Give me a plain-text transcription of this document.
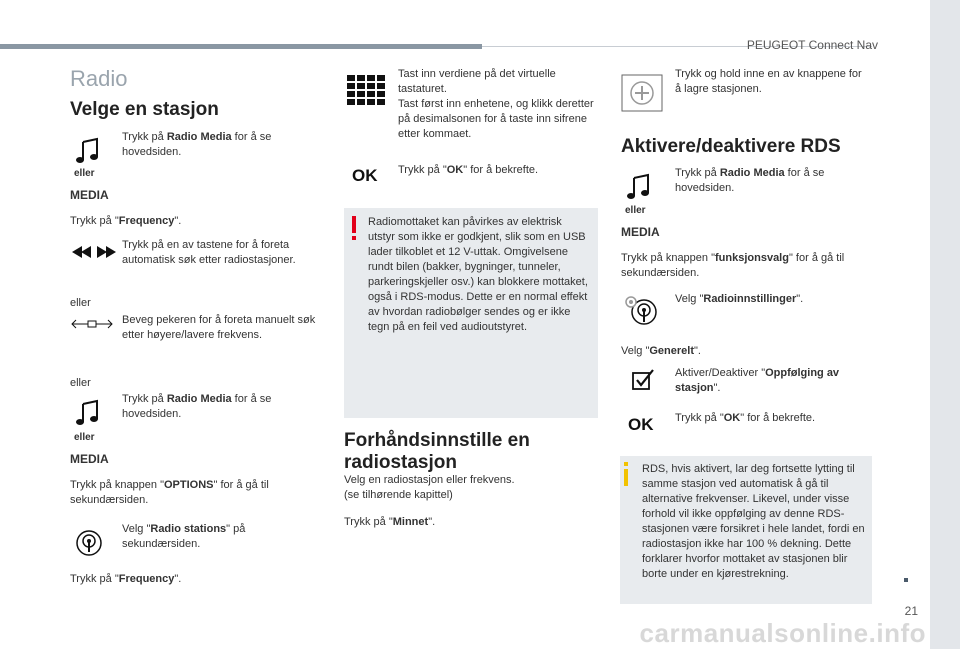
PEUGEOT Connect Nav
21
carmanualsonline.info
Radio
Velge en stasjon
eller
MEDIA
Trykk på Radio Media for å se hovedsiden.
Trykk på "Frequency".
Trykk på en av tastene for å foreta automatisk søk etter radiostasjoner.
eller
Beveg pekeren for å foreta manuelt søk etter høyere/lavere frekvens.
eller
eller
MEDIA
Trykk på Radio Media for å se hovedsiden.
Trykk på knappen "OPTIONS" for å gå til sekundærsiden.
Velg "Radio stations" på sekundærsiden.
Trykk på "Frequency".
Tast inn verdiene på det virtuelle tastaturet.
Tast først inn enhetene, og klikk deretter på desimalsonen for å taste inn sifrene etter kommaet.
OK Trykk på "OK" for å bekrefte.
Radiomottaket kan påvirkes av elektrisk utstyr som ikke er godkjent, slik som en USB lader tilkoblet et 12 V-uttak. Omgivelsene rundt bilen (bakker, bygninger, tunneler, parkeringskjeller osv.) kan blokkere mottaket, også i RDS-modus. Dette er en normal effekt av hvordan radiobølger sendes og er ikke tegn på en feil ved audioutstyret.
Forhåndsinnstille en radiostasjon
Velg en radiostasjon eller frekvens.
(se tilhørende kapittel)
Trykk på "Minnet".
Trykk og hold inne en av knappene for å lagre stasjonen.
Aktivere/deaktivere RDS
eller
MEDIA
Trykk på Radio Media for å se hovedsiden.
Trykk på knappen "funksjonsvalg" for å gå til sekundærsiden.
Velg "Radioinnstillinger".
Velg "Generelt".
Aktiver/Deaktiver "Oppfølging av stasjon".
OK Trykk på "OK" for å bekrefte.
RDS, hvis aktivert, lar deg fortsette lytting til samme stasjon ved automatisk å gå til alternative frekvenser. Likevel, under visse forhold vil ikke oppfølging av denne RDS-stasjonen være forsikret i hele landet, fordi en radiostasjon ikke har 100 % dekning. Dette forklarer hvorfor mottaket av stasjonen blir borte under en kjørestrekning.
